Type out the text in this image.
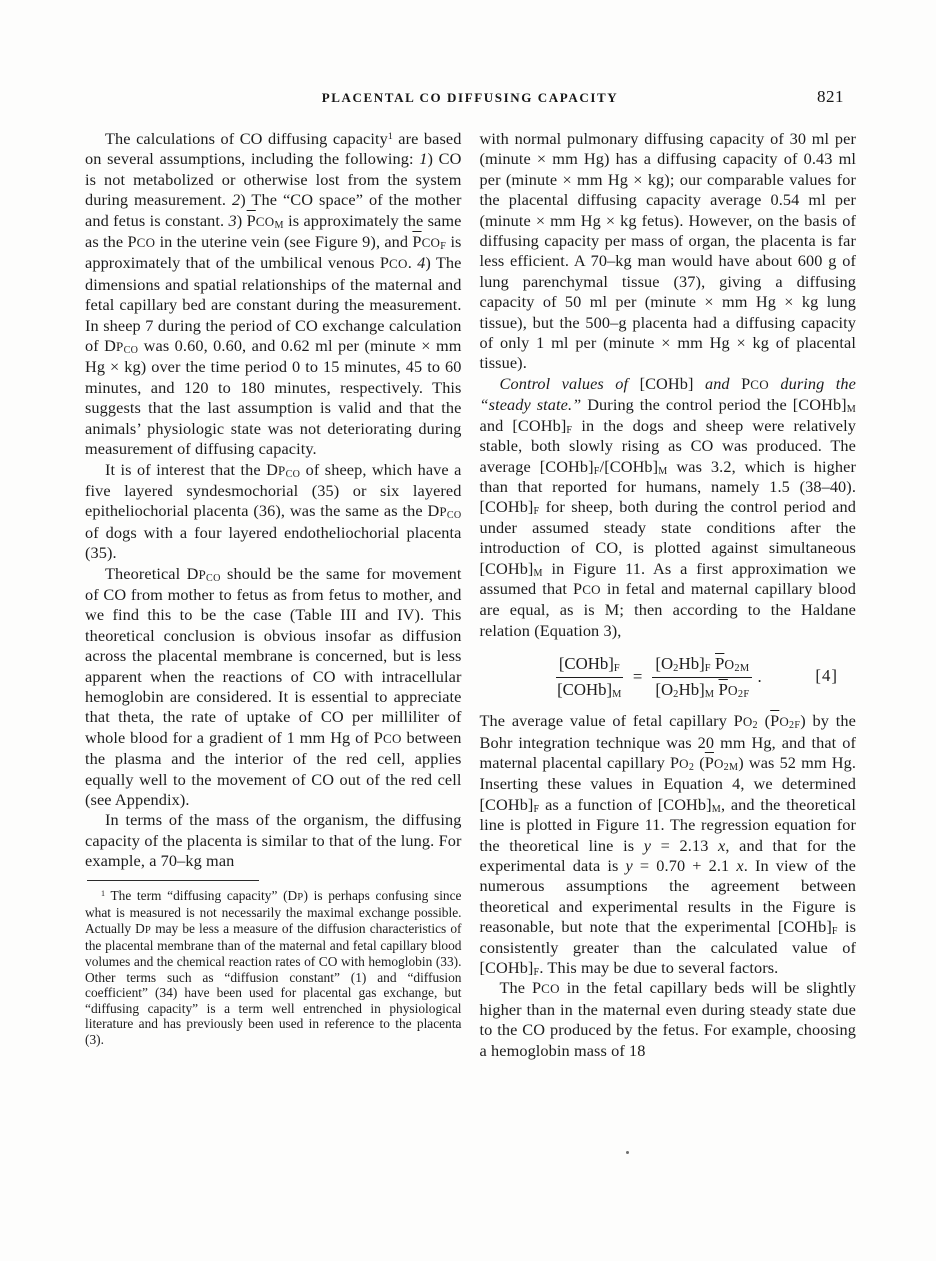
PLACENTAL CO DIFFUSING CAPACITY	821

The calculations of CO diffusing capacity$^1$ are based on several assumptions, including the following: 1) CO is not metabolized or otherwise lost from the system during measurement. 2) The “CO space” of the mother and fetus is constant. 3) $\overline{P}CO_M$ is approximately the same as the PCO in the uterine vein (see Figure 9), and $\overline{P}CO_F$ is approximately that of the umbilical venous PCO. 4) The dimensions and spatial relationships of the maternal and fetal capillary bed are constant during the measurement. In sheep 7 during the period of CO exchange calculation of $DP_{CO}$ was 0.60, 0.60, and 0.62 ml per (minute × mm Hg × kg) over the time period 0 to 15 minutes, 45 to 60 minutes, and 120 to 180 minutes, respectively. This suggests that the last assumption is valid and that the animals’ physiologic state was not deteriorating during measurement of diffusing capacity.

It is of interest that the $DP_{CO}$ of sheep, which have a five layered syndesmochorial (35) or six layered epitheliochorial placenta (36), was the same as the $DP_{CO}$ of dogs with a four layered endotheliochorial placenta (35).

Theoretical $DP_{CO}$ should be the same for movement of CO from mother to fetus as from fetus to mother, and we find this to be the case (Table III and IV). This theoretical conclusion is obvious insofar as diffusion across the placental membrane is concerned, but is less apparent when the reactions of CO with intracellular hemoglobin are considered. It is essential to appreciate that theta, the rate of uptake of CO per milliliter of whole blood for a gradient of 1 mm Hg of PCO between the plasma and the interior of the red cell, applies equally well to the movement of CO out of the red cell (see Appendix).

In terms of the mass of the organism, the diffusing capacity of the placenta is similar to that of the lung. For example, a 70–kg man

$^1$ The term “diffusing capacity” (DP) is perhaps confusing since what is measured is not necessarily the maximal exchange possible. Actually DP may be less a measure of the diffusion characteristics of the placental membrane than of the maternal and fetal capillary blood volumes and the chemical reaction rates of CO with hemoglobin (33). Other terms such as “diffusion constant” (1) and “diffusion coefficient” (34) have been used for placental gas exchange, but “diffusing capacity” is a term well entrenched in physiological literature and has previously been used in reference to the placenta (3).

with normal pulmonary diffusing capacity of 30 ml per (minute × mm Hg) has a diffusing capacity of 0.43 ml per (minute × mm Hg × kg); our comparable values for the placental diffusing capacity average 0.54 ml per (minute × mm Hg × kg fetus). However, on the basis of diffusing capacity per mass of organ, the placenta is far less efficient. A 70–kg man would have about 600 g of lung parenchymal tissue (37), giving a diffusing capacity of 50 ml per (minute × mm Hg × kg lung tissue), but the 500–g placenta had a diffusing capacity of only 1 ml per (minute × mm Hg × kg of placental tissue).

Control values of [COHb] and PCO during the “steady state.” During the control period the $[COHb]_M$ and $[COHb]_F$ in the dogs and sheep were relatively stable, both slowly rising as CO was produced. The average $[COHb]_F/[COHb]_M$ was 3.2, which is higher than that reported for humans, namely 1.5 (38–40). $[COHb]_F$ for sheep, both during the control period and under assumed steady state conditions after the introduction of CO, is plotted against simultaneous $[COHb]_M$ in Figure 11. As a first approximation we assumed that PCO in fetal and maternal capillary blood are equal, as is M; then according to the Haldane relation (Equation 3),

$\frac{[COHb]_F}{[COHb]_M} = \frac{[O_2Hb]_F \overline{P}O_{2M}}{[O_2Hb]_M \overline{P}O_{2F}}$ .	[4]

The average value of fetal capillary $PO_2$ $(\overline{P}O_{2F})$ by the Bohr integration technique was 20 mm Hg, and that of maternal placental capillary $PO_2$ $(\overline{P}O_{2M})$ was 52 mm Hg. Inserting these values in Equation 4, we determined $[COHb]_F$ as a function of $[COHb]_M$, and the theoretical line is plotted in Figure 11. The regression equation for the theoretical line is y = 2.13 x, and that for the experimental data is y = 0.70 + 2.1 x. In view of the numerous assumptions the agreement between theoretical and experimental results in the Figure is reasonable, but note that the experimental $[COHb]_F$ is consistently greater than the calculated value of $[COHb]_F$. This may be due to several factors.

The PCO in the fetal capillary beds will be slightly higher than in the maternal even during steady state due to the CO produced by the fetus. For example, choosing a hemoglobin mass of 18
